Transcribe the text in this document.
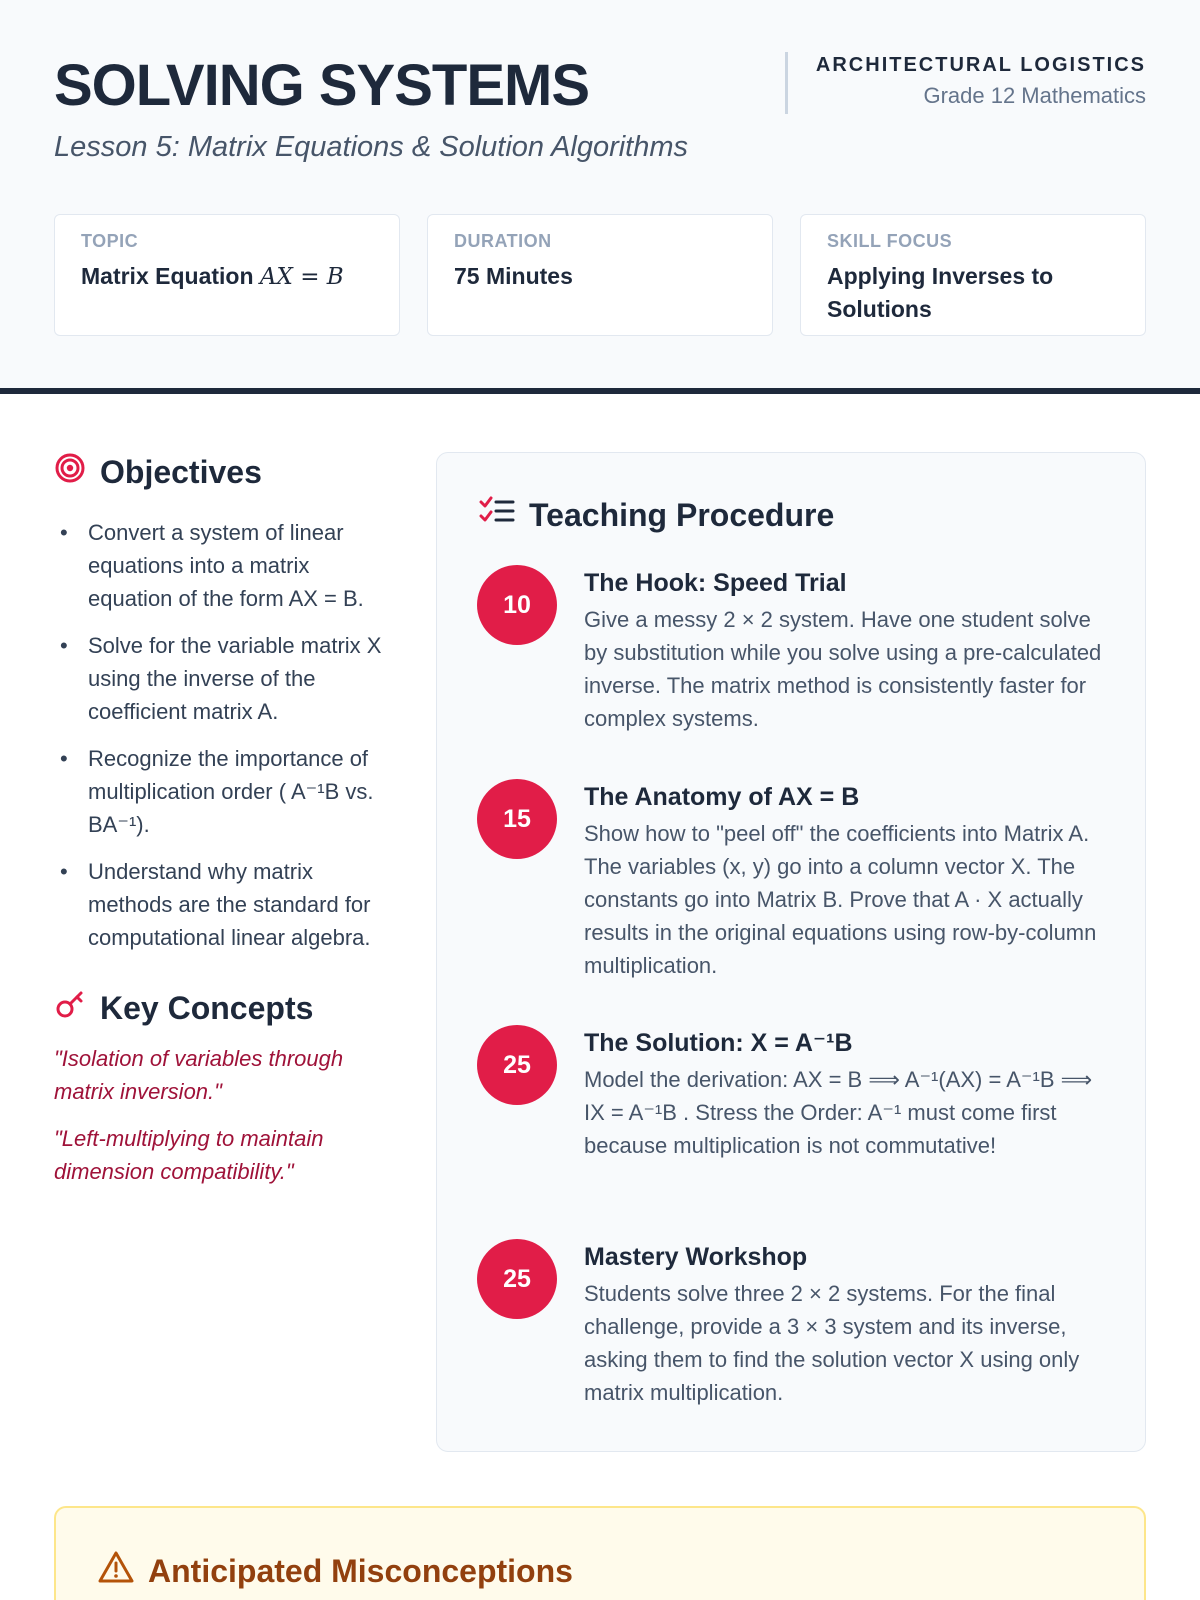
SOLVING SYSTEMS
Lesson 5: Matrix Equations & Solution Algorithms
ARCHITECTURAL LOGISTICS
Grade 12 Mathematics
TOPIC
Matrix Equation AX = B
DURATION
75 Minutes
SKILL FOCUS
Applying Inverses to Solutions
Objectives
• Convert a system of linear equations into a matrix equation of the form AX = B.
• Solve for the variable matrix X using the inverse of the coefficient matrix A.
• Recognize the importance of multiplication order ( A⁻¹B vs. BA⁻¹).
• Understand why matrix methods are the standard for computational linear algebra.
Key Concepts
"Isolation of variables through matrix inversion."
"Left-multiplying to maintain dimension compatibility."
Teaching Procedure
10
The Hook: Speed Trial
Give a messy 2 × 2 system. Have one student solve by substitution while you solve using a pre-calculated inverse. The matrix method is consistently faster for complex systems.
15
The Anatomy of AX = B
Show how to "peel off" the coefficients into Matrix A. The variables (x, y) go into a column vector X. The constants go into Matrix B. Prove that A · X actually results in the original equations using row-by-column multiplication.
25
The Solution: X = A⁻¹B
Model the derivation: AX = B ⟹ A⁻¹(AX) = A⁻¹B ⟹ IX = A⁻¹B . Stress the Order: A⁻¹ must come first because multiplication is not commutative!
25
Mastery Workshop
Students solve three 2 × 2 systems. For the final challenge, provide a 3 × 3 system and its inverse, asking them to find the solution vector X using only matrix multiplication.
Anticipated Misconceptions
